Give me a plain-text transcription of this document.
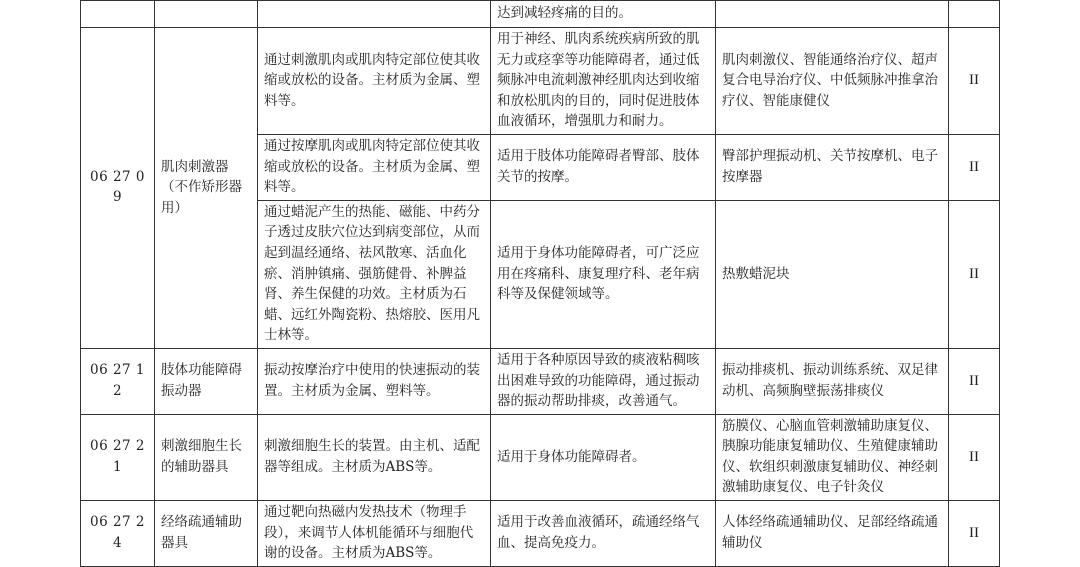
			达到减轻疼痛的目的。		
06 27 09	肌肉刺激器（不作矫形器用）	通过刺激肌肉或肌肉特定部位使其收缩或放松的设备。主材质为金属、塑料等。	用于神经、肌肉系统疾病所致的肌无力或痉挛等功能障碍者，通过低频脉冲电流刺激神经肌肉达到收缩和放松肌肉的目的，同时促进肢体血液循环，增强肌力和耐力。	肌肉刺激仪、智能通络治疗仪、超声复合电导治疗仪、中低频脉冲推拿治疗仪、智能康健仪	II
		通过按摩肌肉或肌肉特定部位使其收缩或放松的设备。主材质为金属、塑料等。	适用于肢体功能障碍者臀部、肢体关节的按摩。	臀部护理振动机、关节按摩机、电子按摩器	II
		通过蜡泥产生的热能、磁能、中药分子透过皮肤穴位达到病变部位，从而起到温经通络、祛风散寒、活血化瘀、消肿镇痛、强筋健骨、补脾益肾、养生保健的功效。主材质为石蜡、远红外陶瓷粉、热熔胶、医用凡士林等。	适用于身体功能障碍者，可广泛应用在疼痛科、康复理疗科、老年病科等及保健领域等。	热敷蜡泥块	II
06 27 12	肢体功能障碍振动器	振动按摩治疗中使用的快速振动的装置。主材质为金属、塑料等。	适用于各种原因导致的痰液粘稠咳出困难导致的功能障碍，通过振动器的振动帮助排痰，改善通气。	振动排痰机、振动训练系统、双足律动机、高频胸壁振荡排痰仪	II
06 27 21	刺激细胞生长的辅助器具	刺激细胞生长的装置。由主机、适配器等组成。主材质为ABS等。	适用于身体功能障碍者。	筋膜仪、心脑血管刺激辅助康复仪、胰腺功能康复辅助仪、生殖健康辅助仪、软组织刺激康复辅助仪、神经刺激辅助康复仪、电子针灸仪	II
06 27 24	经络疏通辅助器具	通过靶向热磁内发热技术（物理手段），来调节人体机能循环与细胞代谢的设备。主材质为ABS等。	适用于改善血液循环，疏通经络气血、提高免疫力。	人体经络疏通辅助仪、足部经络疏通辅助仪	II
